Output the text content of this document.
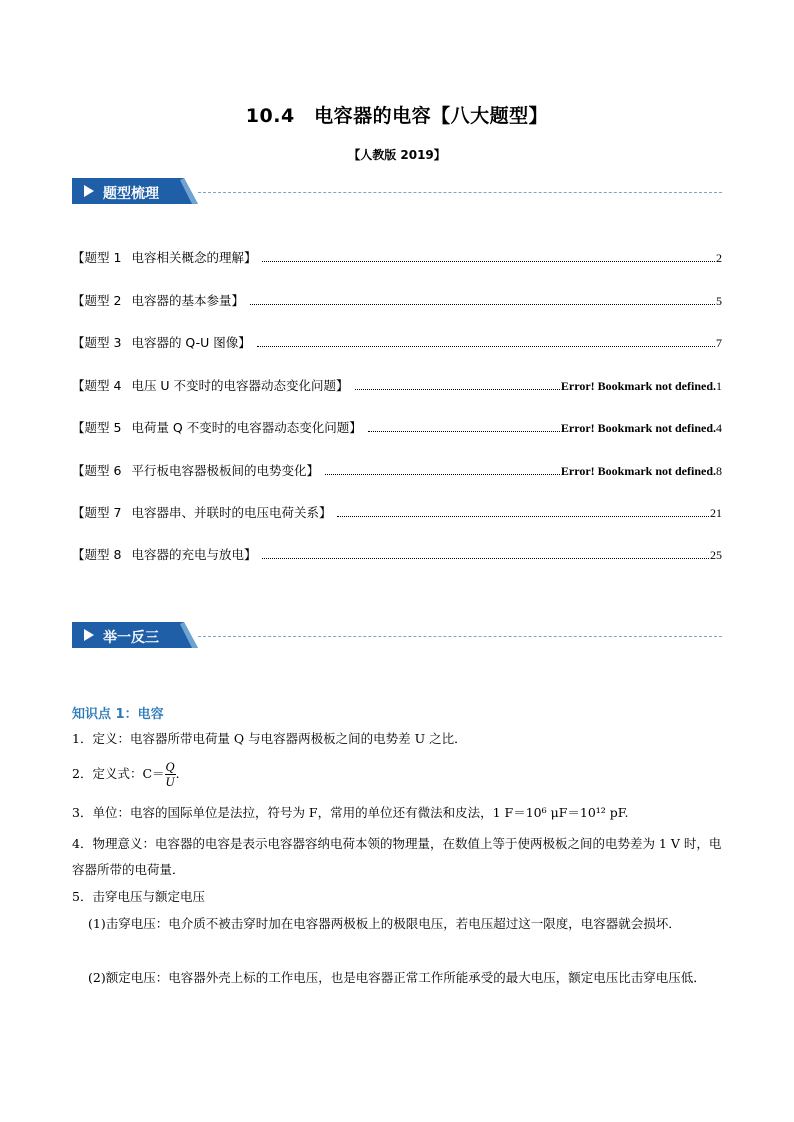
10.4　电容器的电容【八大题型】
【人教版 2019】
题型梳理
【题型 1 电容相关概念的理解】	2
【题型 2 电容器的基本参量】	5
【题型 3 电容器的 Q-U 图像】	7
【题型 4 电压 U 不变时的电容器动态变化问题】	Error! Bookmark not defined. 1
【题型 5 电荷量 Q 不变时的电容器动态变化问题】	Error! Bookmark not defined. 4
【题型 6 平行板电容器极板间的电势变化】	Error! Bookmark not defined. 8
【题型 7 电容器串、并联时的电压电荷关系】	21
【题型 8 电容器的充电与放电】	25
举一反三
知识点 1：电容
1．定义：电容器所带电荷量 Q 与电容器两极板之间的电势差 U 之比．
2．定义式：$C= \frac{Q}{U}$ .
3．单位：电容的国际单位是法拉，符号为 F，常用的单位还有微法和皮法，1 F＝10⁶ μF＝10¹² pF.
4．物理意义：电容器的电容是表示电容器容纳电荷本领的物理量，在数值上等于使两极板之间的电势差为 1 V 时，电容器所带的电荷量．
5．击穿电压与额定电压
(1)击穿电压：电介质不被击穿时加在电容器两极板上的极限电压，若电压超过这一限度，电容器就会损坏．
(2)额定电压：电容器外壳上标的工作电压，也是电容器正常工作所能承受的最大电压，额定电压比击穿电压低．
